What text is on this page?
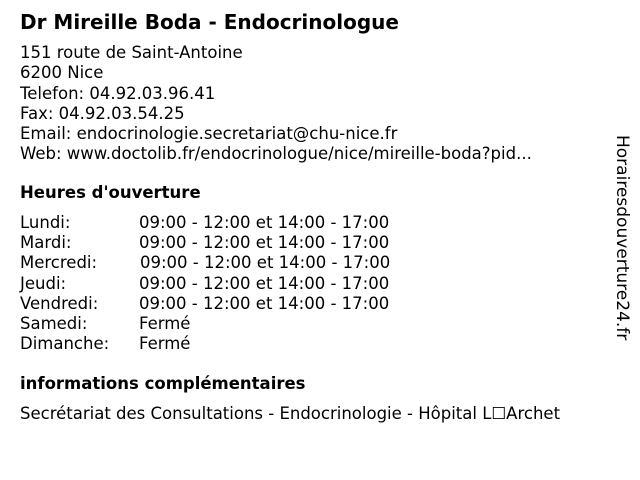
Dr Mireille Boda - Endocrinologue
151 route de Saint-Antoine
6200 Nice
Telefon: 04.92.03.96.41
Fax: 04.92.03.54.25
Email: endocrinologie.secretariat@chu-nice.fr
Web: www.doctolib.fr/endocrinologue/nice/mireille-boda?pid...
Heures d'ouverture
Lundi:	09:00 - 12:00 et 14:00 - 17:00
Mardi:	09:00 - 12:00 et 14:00 - 17:00
Mercredi:	09:00 - 12:00 et 14:00 - 17:00
Jeudi:	09:00 - 12:00 et 14:00 - 17:00
Vendredi: 09:00 - 12:00 et 14:00 - 17:00
Samedi:	Fermé
Dimanche: Fermé
informations complémentaires
Secrétariat des Consultations - Endocrinologie - Hôpital L☐Archet
Horairesdouverture24.fr
